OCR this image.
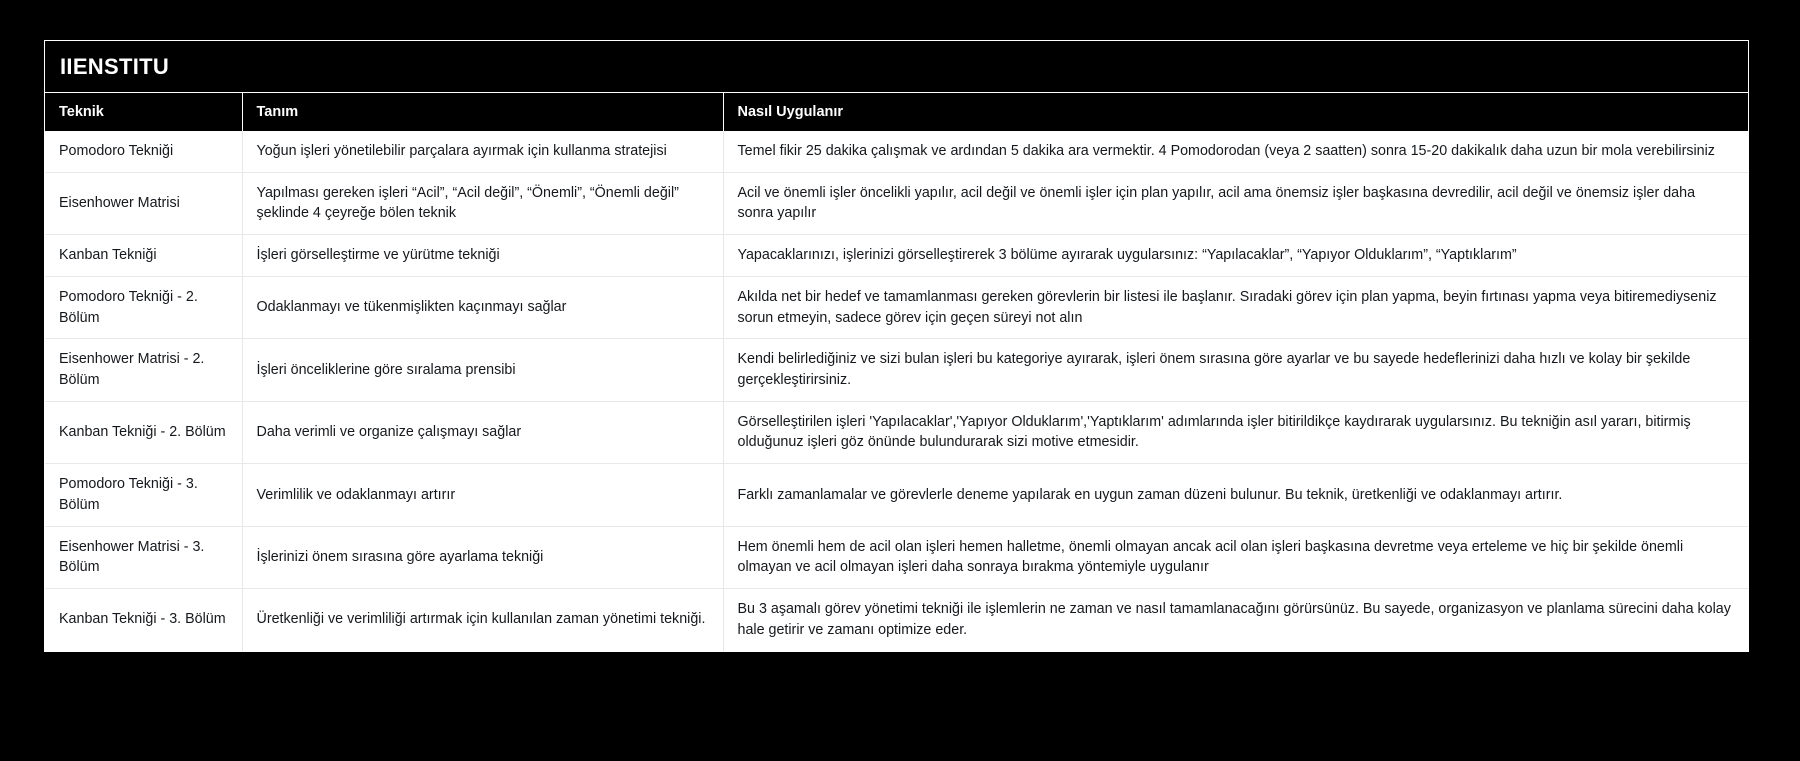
IIENSTITU
Teknik	Tanım	Nasıl Uygulanır
Pomodoro Tekniği	Yoğun işleri yönetilebilir parçalara ayırmak için kullanma stratejisi	Temel fikir 25 dakika çalışmak ve ardından 5 dakika ara vermektir. 4 Pomodorodan (veya 2 saatten) sonra 15-20 dakikalık daha uzun bir mola verebilirsiniz
Eisenhower Matrisi	Yapılması gereken işleri “Acil”, “Acil değil”, “Önemli”, “Önemli değil” şeklinde 4 çeyreğe bölen teknik	Acil ve önemli işler öncelikli yapılır, acil değil ve önemli işler için plan yapılır, acil ama önemsiz işler başkasına devredilir, acil değil ve önemsiz işler daha sonra yapılır
Kanban Tekniği	İşleri görselleştirme ve yürütme tekniği	Yapacaklarınızı, işlerinizi görselleştirerek 3 bölüme ayırarak uygularsınız: “Yapılacaklar”, “Yapıyor Olduklarım”, “Yaptıklarım”
Pomodoro Tekniği - 2. Bölüm	Odaklanmayı ve tükenmişlikten kaçınmayı sağlar	Akılda net bir hedef ve tamamlanması gereken görevlerin bir listesi ile başlanır. Sıradaki görev için plan yapma, beyin fırtınası yapma veya bitiremediyseniz sorun etmeyin, sadece görev için geçen süreyi not alın
Eisenhower Matrisi - 2. Bölüm	İşleri önceliklerine göre sıralama prensibi	Kendi belirlediğiniz ve sizi bulan işleri bu kategoriye ayırarak, işleri önem sırasına göre ayarlar ve bu sayede hedeflerinizi daha hızlı ve kolay bir şekilde gerçekleştirirsiniz.
Kanban Tekniği - 2. Bölüm	Daha verimli ve organize çalışmayı sağlar	Görselleştirilen işleri 'Yapılacaklar','Yapıyor Olduklarım','Yaptıklarım' adımlarında işler bitirildikçe kaydırarak uygularsınız. Bu tekniğin asıl yararı, bitirmiş olduğunuz işleri göz önünde bulundurarak sizi motive etmesidir.
Pomodoro Tekniği - 3. Bölüm	Verimlilik ve odaklanmayı artırır	Farklı zamanlamalar ve görevlerle deneme yapılarak en uygun zaman düzeni bulunur. Bu teknik, üretkenliği ve odaklanmayı artırır.
Eisenhower Matrisi - 3. Bölüm	İşlerinizi önem sırasına göre ayarlama tekniği	Hem önemli hem de acil olan işleri hemen halletme, önemli olmayan ancak acil olan işleri başkasına devretme veya erteleme ve hiç bir şekilde önemli olmayan ve acil olmayan işleri daha sonraya bırakma yöntemiyle uygulanır
Kanban Tekniği - 3. Bölüm	Üretkenliği ve verimliliği artırmak için kullanılan zaman yönetimi tekniği.	Bu 3 aşamalı görev yönetimi tekniği ile işlemlerin ne zaman ve nasıl tamamlanacağını görürsünüz. Bu sayede, organizasyon ve planlama sürecini daha kolay hale getirir ve zamanı optimize eder.
